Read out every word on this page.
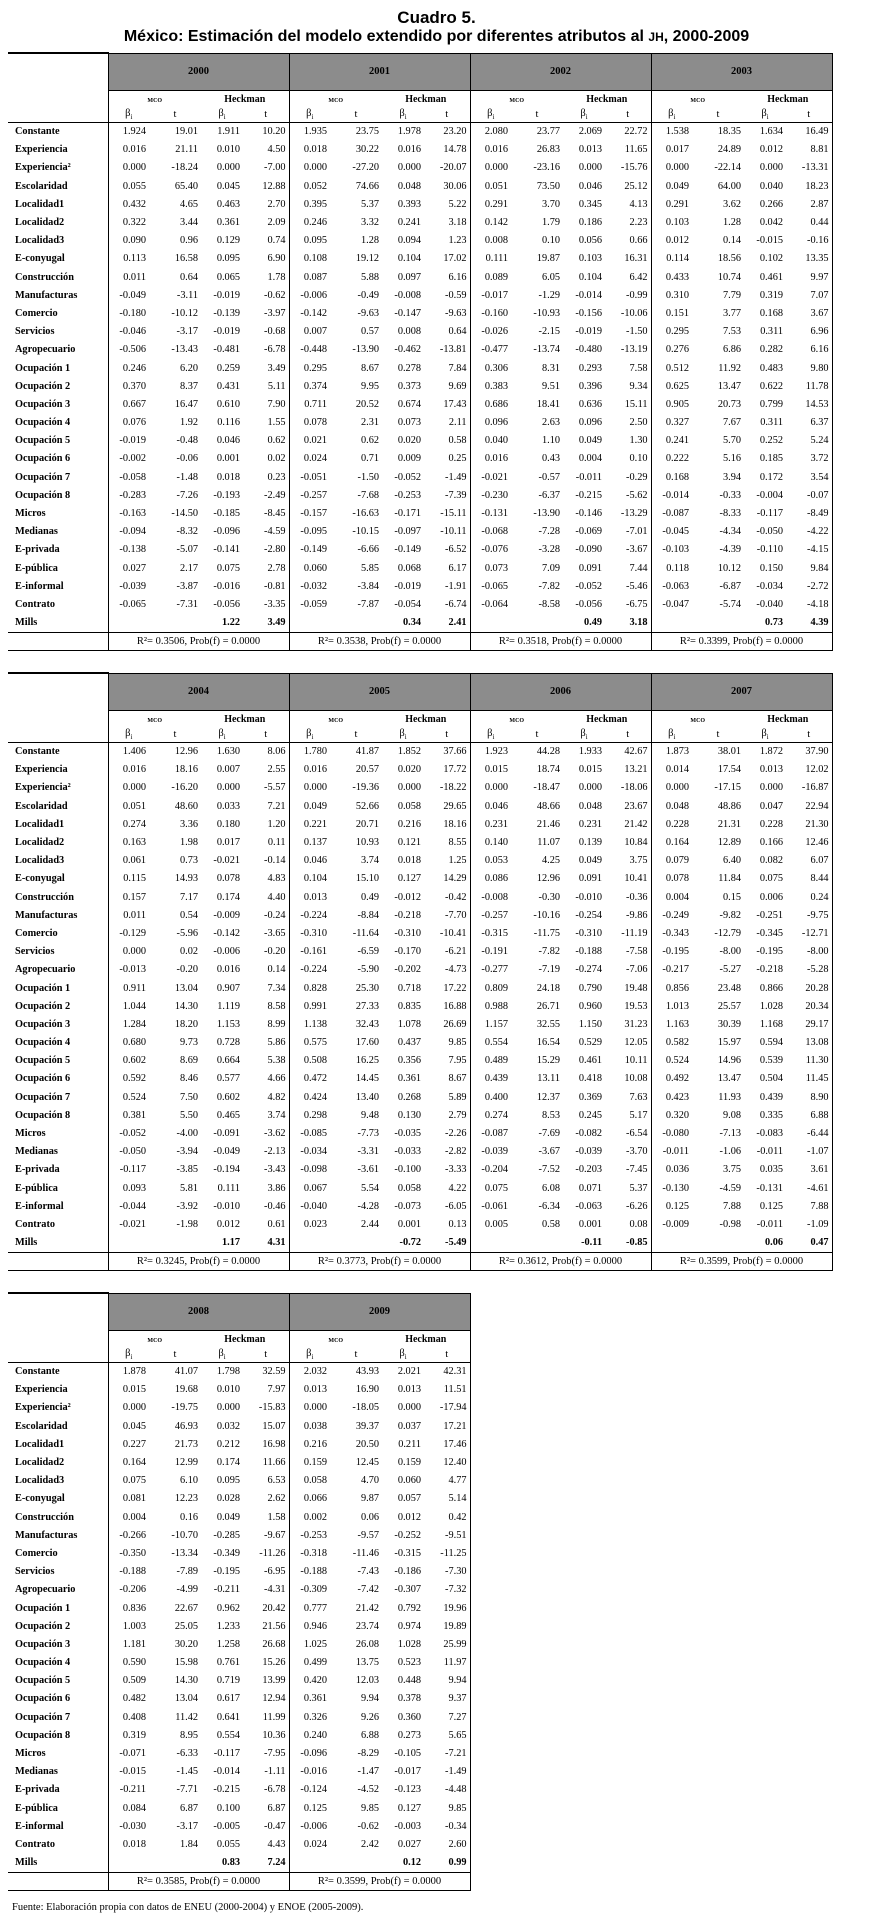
Cuadro 5.
México: Estimación del modelo extendido por diferentes atributos al JH, 2000-2009
	2000				2001				2002				2003			
	mco		Heckman		mco		Heckman		mco		Heckman		mco		Heckman	
	$\beta_i$	t	$\beta_i$	t	$\beta_i$	t	$\beta_i$	t	$\beta_i$	t	$\beta_i$	t	$\beta_i$	t	$\beta_i$	t
Constante	1.924	19.01	1.911	10.20	1.935	23.75	1.978	23.20	2.080	23.77	2.069	22.72	1.538	18.35	1.634	16.49
Experiencia	0.016	21.11	0.010	4.50	0.018	30.22	0.016	14.78	0.016	26.83	0.013	11.65	0.017	24.89	0.012	8.81
Experiencia²	0.000	-18.24	0.000	-7.00	0.000	-27.20	0.000	-20.07	0.000	-23.16	0.000	-15.76	0.000	-22.14	0.000	-13.31
Escolaridad	0.055	65.40	0.045	12.88	0.052	74.66	0.048	30.06	0.051	73.50	0.046	25.12	0.049	64.00	0.040	18.23
Localidad1	0.432	4.65	0.463	2.70	0.395	5.37	0.393	5.22	0.291	3.70	0.345	4.13	0.291	3.62	0.266	2.87
Localidad2	0.322	3.44	0.361	2.09	0.246	3.32	0.241	3.18	0.142	1.79	0.186	2.23	0.103	1.28	0.042	0.44
Localidad3	0.090	0.96	0.129	0.74	0.095	1.28	0.094	1.23	0.008	0.10	0.056	0.66	0.012	0.14	-0.015	-0.16
E-conyugal	0.113	16.58	0.095	6.90	0.108	19.12	0.104	17.02	0.111	19.87	0.103	16.31	0.114	18.56	0.102	13.35
Construcción	0.011	0.64	0.065	1.78	0.087	5.88	0.097	6.16	0.089	6.05	0.104	6.42	0.433	10.74	0.461	9.97
Manufacturas	-0.049	-3.11	-0.019	-0.62	-0.006	-0.49	-0.008	-0.59	-0.017	-1.29	-0.014	-0.99	0.310	7.79	0.319	7.07
Comercio	-0.180	-10.12	-0.139	-3.97	-0.142	-9.63	-0.147	-9.63	-0.160	-10.93	-0.156	-10.06	0.151	3.77	0.168	3.67
Servicios	-0.046	-3.17	-0.019	-0.68	0.007	0.57	0.008	0.64	-0.026	-2.15	-0.019	-1.50	0.295	7.53	0.311	6.96
Agropecuario	-0.506	-13.43	-0.481	-6.78	-0.448	-13.90	-0.462	-13.81	-0.477	-13.74	-0.480	-13.19	0.276	6.86	0.282	6.16
Ocupación 1	0.246	6.20	0.259	3.49	0.295	8.67	0.278	7.84	0.306	8.31	0.293	7.58	0.512	11.92	0.483	9.80
Ocupación 2	0.370	8.37	0.431	5.11	0.374	9.95	0.373	9.69	0.383	9.51	0.396	9.34	0.625	13.47	0.622	11.78
Ocupación 3	0.667	16.47	0.610	7.90	0.711	20.52	0.674	17.43	0.686	18.41	0.636	15.11	0.905	20.73	0.799	14.53
Ocupación 4	0.076	1.92	0.116	1.55	0.078	2.31	0.073	2.11	0.096	2.63	0.096	2.50	0.327	7.67	0.311	6.37
Ocupación 5	-0.019	-0.48	0.046	0.62	0.021	0.62	0.020	0.58	0.040	1.10	0.049	1.30	0.241	5.70	0.252	5.24
Ocupación 6	-0.002	-0.06	0.001	0.02	0.024	0.71	0.009	0.25	0.016	0.43	0.004	0.10	0.222	5.16	0.185	3.72
Ocupación 7	-0.058	-1.48	0.018	0.23	-0.051	-1.50	-0.052	-1.49	-0.021	-0.57	-0.011	-0.29	0.168	3.94	0.172	3.54
Ocupación 8	-0.283	-7.26	-0.193	-2.49	-0.257	-7.68	-0.253	-7.39	-0.230	-6.37	-0.215	-5.62	-0.014	-0.33	-0.004	-0.07
Micros	-0.163	-14.50	-0.185	-8.45	-0.157	-16.63	-0.171	-15.11	-0.131	-13.90	-0.146	-13.29	-0.087	-8.33	-0.117	-8.49
Medianas	-0.094	-8.32	-0.096	-4.59	-0.095	-10.15	-0.097	-10.11	-0.068	-7.28	-0.069	-7.01	-0.045	-4.34	-0.050	-4.22
E-privada	-0.138	-5.07	-0.141	-2.80	-0.149	-6.66	-0.149	-6.52	-0.076	-3.28	-0.090	-3.67	-0.103	-4.39	-0.110	-4.15
E-pública	0.027	2.17	0.075	2.78	0.060	5.85	0.068	6.17	0.073	7.09	0.091	7.44	0.118	10.12	0.150	9.84
E-informal	-0.039	-3.87	-0.016	-0.81	-0.032	-3.84	-0.019	-1.91	-0.065	-7.82	-0.052	-5.46	-0.063	-6.87	-0.034	-2.72
Contrato	-0.065	-7.31	-0.056	-3.35	-0.059	-7.87	-0.054	-6.74	-0.064	-8.58	-0.056	-6.75	-0.047	-5.74	-0.040	-4.18
Mills			1.22	3.49			0.34	2.41			0.49	3.18			0.73	4.39
	R²= 0.3506, Prob(f) = 0.0000				R²= 0.3538, Prob(f) = 0.0000				R²= 0.3518, Prob(f) = 0.0000				R²= 0.3399, Prob(f) = 0.0000			
	2004				2005				2006				2007			
	mco		Heckman		mco		Heckman		mco		Heckman		mco		Heckman	
	$\beta_i$	t	$\beta_i$	t	$\beta_i$	t	$\beta_i$	t	$\beta_i$	t	$\beta_i$	t	$\beta_i$	t	$\beta_i$	t
Constante	1.406	12.96	1.630	8.06	1.780	41.87	1.852	37.66	1.923	44.28	1.933	42.67	1.873	38.01	1.872	37.90
Experiencia	0.016	18.16	0.007	2.55	0.016	20.57	0.020	17.72	0.015	18.74	0.015	13.21	0.014	17.54	0.013	12.02
Experiencia²	0.000	-16.20	0.000	-5.57	0.000	-19.36	0.000	-18.22	0.000	-18.47	0.000	-18.06	0.000	-17.15	0.000	-16.87
Escolaridad	0.051	48.60	0.033	7.21	0.049	52.66	0.058	29.65	0.046	48.66	0.048	23.67	0.048	48.86	0.047	22.94
Localidad1	0.274	3.36	0.180	1.20	0.221	20.71	0.216	18.16	0.231	21.46	0.231	21.42	0.228	21.31	0.228	21.30
Localidad2	0.163	1.98	0.017	0.11	0.137	10.93	0.121	8.55	0.140	11.07	0.139	10.84	0.164	12.89	0.166	12.46
Localidad3	0.061	0.73	-0.021	-0.14	0.046	3.74	0.018	1.25	0.053	4.25	0.049	3.75	0.079	6.40	0.082	6.07
E-conyugal	0.115	14.93	0.078	4.83	0.104	15.10	0.127	14.29	0.086	12.96	0.091	10.41	0.078	11.84	0.075	8.44
Construcción	0.157	7.17	0.174	4.40	0.013	0.49	-0.012	-0.42	-0.008	-0.30	-0.010	-0.36	0.004	0.15	0.006	0.24
Manufacturas	0.011	0.54	-0.009	-0.24	-0.224	-8.84	-0.218	-7.70	-0.257	-10.16	-0.254	-9.86	-0.249	-9.82	-0.251	-9.75
Comercio	-0.129	-5.96	-0.142	-3.65	-0.310	-11.64	-0.310	-10.41	-0.315	-11.75	-0.310	-11.19	-0.343	-12.79	-0.345	-12.71
Servicios	0.000	0.02	-0.006	-0.20	-0.161	-6.59	-0.170	-6.21	-0.191	-7.82	-0.188	-7.58	-0.195	-8.00	-0.195	-8.00
Agropecuario	-0.013	-0.20	0.016	0.14	-0.224	-5.90	-0.202	-4.73	-0.277	-7.19	-0.274	-7.06	-0.217	-5.27	-0.218	-5.28
Ocupación 1	0.911	13.04	0.907	7.34	0.828	25.30	0.718	17.22	0.809	24.18	0.790	19.48	0.856	23.48	0.866	20.28
Ocupación 2	1.044	14.30	1.119	8.58	0.991	27.33	0.835	16.88	0.988	26.71	0.960	19.53	1.013	25.57	1.028	20.34
Ocupación 3	1.284	18.20	1.153	8.99	1.138	32.43	1.078	26.69	1.157	32.55	1.150	31.23	1.163	30.39	1.168	29.17
Ocupación 4	0.680	9.73	0.728	5.86	0.575	17.60	0.437	9.85	0.554	16.54	0.529	12.05	0.582	15.97	0.594	13.08
Ocupación 5	0.602	8.69	0.664	5.38	0.508	16.25	0.356	7.95	0.489	15.29	0.461	10.11	0.524	14.96	0.539	11.30
Ocupación 6	0.592	8.46	0.577	4.66	0.472	14.45	0.361	8.67	0.439	13.11	0.418	10.08	0.492	13.47	0.504	11.45
Ocupación 7	0.524	7.50	0.602	4.82	0.424	13.40	0.268	5.89	0.400	12.37	0.369	7.63	0.423	11.93	0.439	8.90
Ocupación 8	0.381	5.50	0.465	3.74	0.298	9.48	0.130	2.79	0.274	8.53	0.245	5.17	0.320	9.08	0.335	6.88
Micros	-0.052	-4.00	-0.091	-3.62	-0.085	-7.73	-0.035	-2.26	-0.087	-7.69	-0.082	-6.54	-0.080	-7.13	-0.083	-6.44
Medianas	-0.050	-3.94	-0.049	-2.13	-0.034	-3.31	-0.033	-2.82	-0.039	-3.67	-0.039	-3.70	-0.011	-1.06	-0.011	-1.07
E-privada	-0.117	-3.85	-0.194	-3.43	-0.098	-3.61	-0.100	-3.33	-0.204	-7.52	-0.203	-7.45	0.036	3.75	0.035	3.61
E-pública	0.093	5.81	0.111	3.86	0.067	5.54	0.058	4.22	0.075	6.08	0.071	5.37	-0.130	-4.59	-0.131	-4.61
E-informal	-0.044	-3.92	-0.010	-0.46	-0.040	-4.28	-0.073	-6.05	-0.061	-6.34	-0.063	-6.26	0.125	7.88	0.125	7.88
Contrato	-0.021	-1.98	0.012	0.61	0.023	2.44	0.001	0.13	0.005	0.58	0.001	0.08	-0.009	-0.98	-0.011	-1.09
Mills			1.17	4.31			-0.72	-5.49			-0.11	-0.85			0.06	0.47
	R²= 0.3245, Prob(f) = 0.0000				R²= 0.3773, Prob(f) = 0.0000				R²= 0.3612, Prob(f) = 0.0000				R²= 0.3599, Prob(f) = 0.0000			
	2008				2009			
	mco		Heckman		mco		Heckman	
	$\beta_i$	t	$\beta_i$	t	$\beta_i$	t	$\beta_i$	t
Constante	1.878	41.07	1.798	32.59	2.032	43.93	2.021	42.31
Experiencia	0.015	19.68	0.010	7.97	0.013	16.90	0.013	11.51
Experiencia²	0.000	-19.75	0.000	-15.83	0.000	-18.05	0.000	-17.94
Escolaridad	0.045	46.93	0.032	15.07	0.038	39.37	0.037	17.21
Localidad1	0.227	21.73	0.212	16.98	0.216	20.50	0.211	17.46
Localidad2	0.164	12.99	0.174	11.66	0.159	12.45	0.159	12.40
Localidad3	0.075	6.10	0.095	6.53	0.058	4.70	0.060	4.77
E-conyugal	0.081	12.23	0.028	2.62	0.066	9.87	0.057	5.14
Construcción	0.004	0.16	0.049	1.58	0.002	0.06	0.012	0.42
Manufacturas	-0.266	-10.70	-0.285	-9.67	-0.253	-9.57	-0.252	-9.51
Comercio	-0.350	-13.34	-0.349	-11.26	-0.318	-11.46	-0.315	-11.25
Servicios	-0.188	-7.89	-0.195	-6.95	-0.188	-7.43	-0.186	-7.30
Agropecuario	-0.206	-4.99	-0.211	-4.31	-0.309	-7.42	-0.307	-7.32
Ocupación 1	0.836	22.67	0.962	20.42	0.777	21.42	0.792	19.96
Ocupación 2	1.003	25.05	1.233	21.56	0.946	23.74	0.974	19.89
Ocupación 3	1.181	30.20	1.258	26.68	1.025	26.08	1.028	25.99
Ocupación 4	0.590	15.98	0.761	15.26	0.499	13.75	0.523	11.97
Ocupación 5	0.509	14.30	0.719	13.99	0.420	12.03	0.448	9.94
Ocupación 6	0.482	13.04	0.617	12.94	0.361	9.94	0.378	9.37
Ocupación 7	0.408	11.42	0.641	11.99	0.326	9.26	0.360	7.27
Ocupación 8	0.319	8.95	0.554	10.36	0.240	6.88	0.273	5.65
Micros	-0.071	-6.33	-0.117	-7.95	-0.096	-8.29	-0.105	-7.21
Medianas	-0.015	-1.45	-0.014	-1.11	-0.016	-1.47	-0.017	-1.49
E-privada	-0.211	-7.71	-0.215	-6.78	-0.124	-4.52	-0.123	-4.48
E-pública	0.084	6.87	0.100	6.87	0.125	9.85	0.127	9.85
E-informal	-0.030	-3.17	-0.005	-0.47	-0.006	-0.62	-0.003	-0.34
Contrato	0.018	1.84	0.055	4.43	0.024	2.42	0.027	2.60
Mills			0.83	7.24			0.12	0.99
	R²= 0.3585, Prob(f) = 0.0000				R²= 0.3599, Prob(f) = 0.0000			
Fuente: Elaboración propia con datos de ENEU (2000-2004) y ENOE (2005-2009).
